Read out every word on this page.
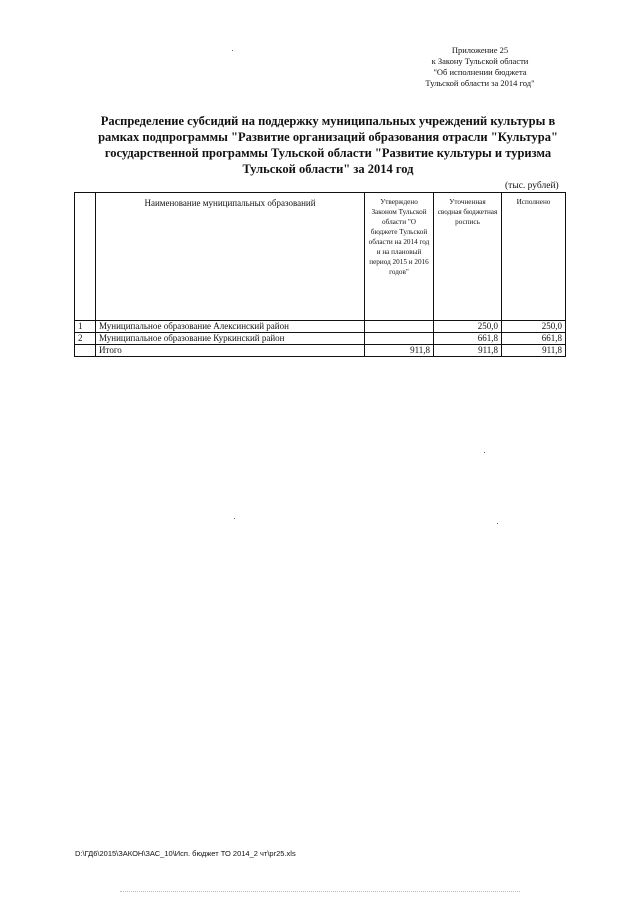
Приложение 25
к Закону Тульской области
"Об исполнении бюджета
Тульской области за 2014 год"
Распределение субсидий на поддержку муниципальных учреждений культуры в
рамках подпрограммы "Развитие организаций образования отрасли "Культура"
государственной программы Тульской области "Развитие культуры и туризма
Тульской области" за 2014 год
(тыс. рублей)
	Наименование муниципальных образований	Утверждено Законом Тульской области "О бюджете Тульской области на 2014 год и на плановый период 2015 и 2016 годов"	Уточненная сводная бюджетная роспись	Исполнено
1	Муниципальное образование Алексинский район		250,0	250,0
2	Муниципальное образование Куркинский район		661,8	661,8
	Итого	911,8	911,8	911,8
D:\ГД6\2015\ЗАКОН\ЗАС_10\Исп. бюджет ТО 2014_2 чт\pr25.xls
